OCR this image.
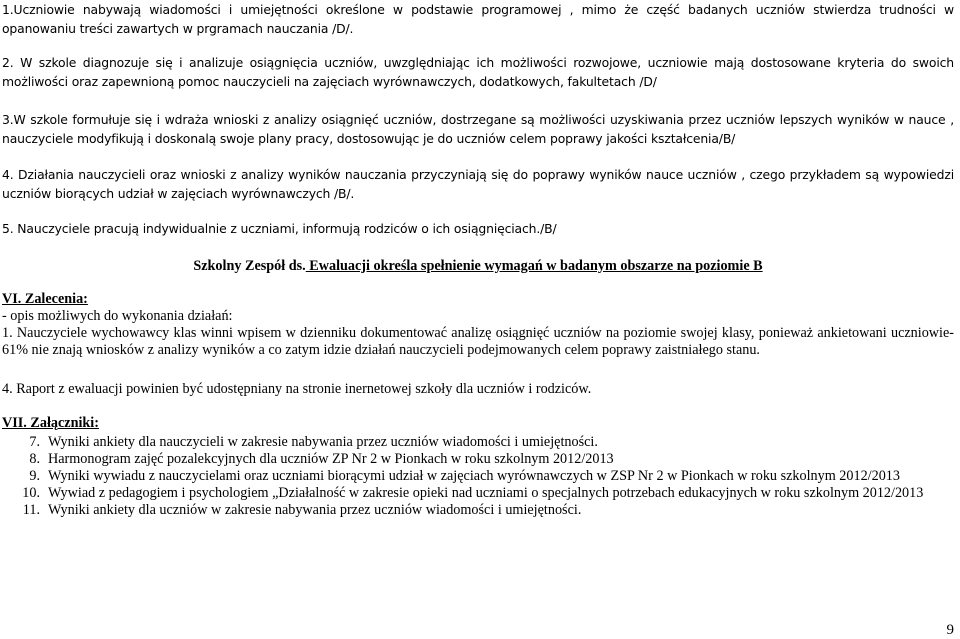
1.Uczniowie nabywają wiadomości i umiejętności określone w podstawie programowej , mimo że część badanych uczniów stwierdza trudności w opanowaniu treści zawartych w prgramach nauczania /D/.

2. W szkole diagnozuje się i analizuje osiągnięcia uczniów, uwzględniając ich możliwości rozwojowe, uczniowie mają dostosowane kryteria do swoich możliwości oraz zapewnioną pomoc nauczycieli na zajęciach wyrównawczych, dodatkowych, fakultetach /D/

3.W szkole formułuje się i wdraża wnioski z analizy osiągnięć uczniów, dostrzegane są możliwości uzyskiwania przez uczniów lepszych wyników w nauce , nauczyciele modyfikują i doskonalą swoje plany pracy, dostosowując je do uczniów celem poprawy jakości kształcenia/B/

4. Działania nauczycieli oraz wnioski z analizy wyników nauczania przyczyniają się do poprawy wyników nauce uczniów , czego przykładem są wypowiedzi uczniów biorących udział w zajęciach wyrównawczych /B/.

5. Nauczyciele pracują indywidualnie z uczniami, informują rodziców o ich osiągnięciach./B/

Szkolny Zespół ds. Ewaluacji określa spełnienie wymagań w badanym obszarze na poziomie B

VI. Zalecenia:

- opis możliwych do wykonania działań:

1. Nauczyciele wychowawcy klas winni wpisem w dzienniku dokumentować analizę osiągnięć uczniów na poziomie swojej klasy, ponieważ ankietowani uczniowie- 61% nie znają wniosków z analizy wyników a co zatym idzie działań nauczycieli podejmowanych celem poprawy zaistniałego stanu.

4. Raport z ewaluacji powinien być udostępniany na stronie inernetowej szkoły dla uczniów i rodziców.

VII. Załączniki:

7. Wyniki ankiety dla nauczycieli w zakresie nabywania przez uczniów wiadomości i umiejętności.
8. Harmonogram zajęć pozalekcyjnych dla uczniów ZP Nr 2 w Pionkach w roku szkolnym 2012/2013
9. Wyniki wywiadu z nauczycielami oraz uczniami biorącymi udział w zajęciach wyrównawczych w ZSP Nr 2 w Pionkach w roku szkolnym 2012/2013
10. Wywiad z pedagogiem i psychologiem „Działalność w zakresie opieki nad uczniami o specjalnych potrzebach edukacyjnych w roku szkolnym 2012/2013
11. Wyniki ankiety dla uczniów w zakresie nabywania przez uczniów wiadomości i umiejętności.
9
